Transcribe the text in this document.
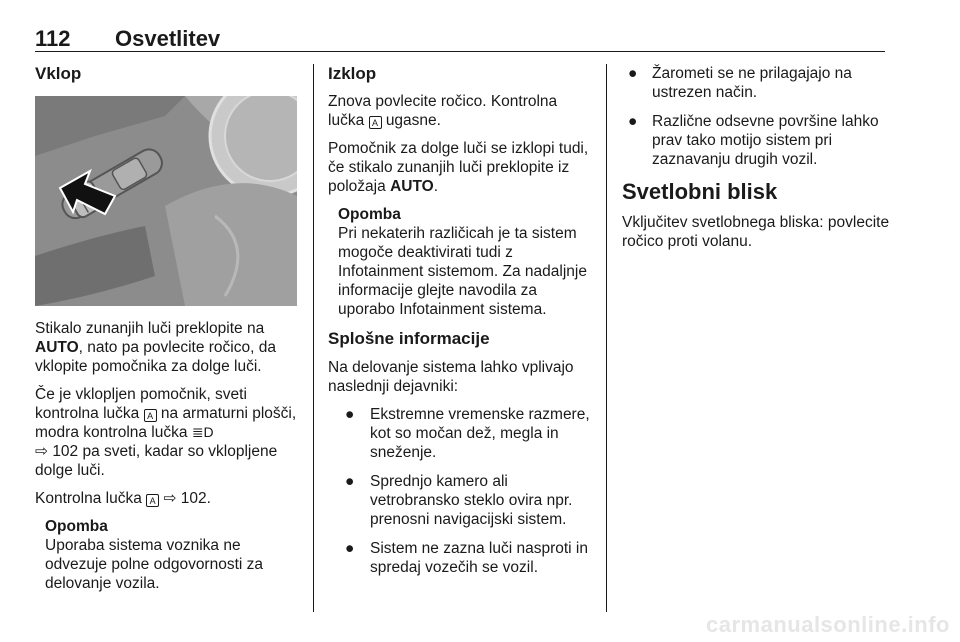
112 Osvetlitev
Vklop

Stikalo zunanjih luči preklopite na
AUTO, nato pa povlecite ročico, da vklopite pomočnika za dolge luči.

Če je vklopljen pomočnik, sveti kontrolna lučka A na armaturni plošči, modra kontrolna lučka ≣D
⇨ 102 pa sveti, kadar so vklopljene dolge luči.

Kontrolna lučka A ⇨ 102.

Opomba
Uporaba sistema voznika ne odvezuje polne odgovornosti za delovanje vozila.
Izklop

Znova povlecite ročico. Kontrolna lučka A ugasne.

Pomočnik za dolge luči se izklopi tudi, če stikalo zunanjih luči preklopite iz položaja AUTO.

Opomba
Pri nekaterih različicah je ta sistem mogoče deaktivirati tudi z Infotainment sistemom. Za nadaljnje informacije glejte navodila za uporabo Infotainment sistema.
Splošne informacije

Na delovanje sistema lahko vplivajo naslednji dejavniki:

● Ekstremne vremenske razmere, kot so močan dež, megla in sneženje.
● Sprednjo kamero ali vetrobransko steklo ovira npr. prenosni navigacijski sistem.
● Sistem ne zazna luči nasproti in spredaj vozečih se vozil.
● Žarometi se ne prilagajajo na ustrezen način.
● Različne odsevne površine lahko prav tako motijo sistem pri zaznavanju drugih vozil.
Svetlobni blisk

Vključitev svetlobnega bliska: povlecite ročico proti volanu.

carmanualsonline.info
